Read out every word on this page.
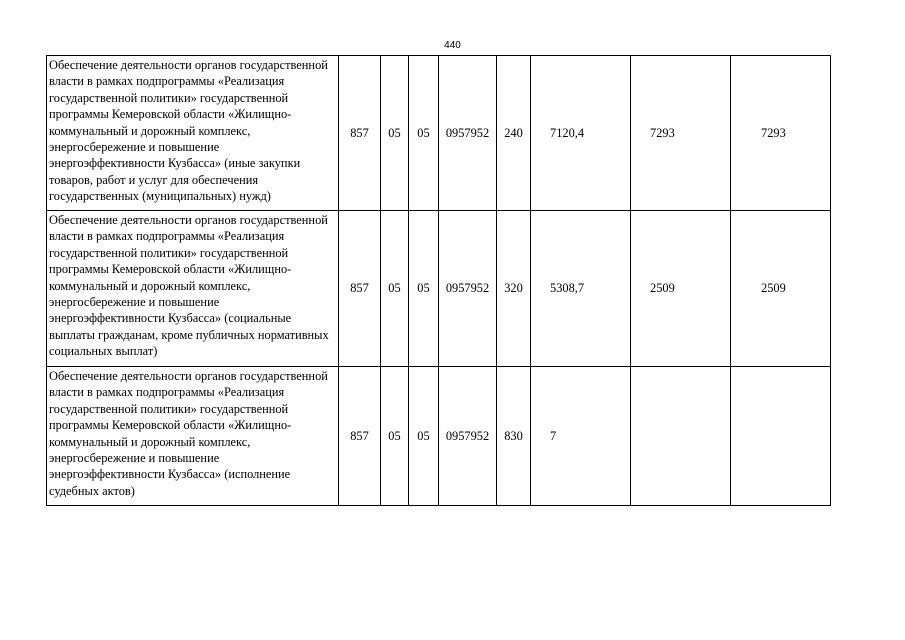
440
Обеспечение деятельности органов государственной власти в рамках подпрограммы «Реализация государственной политики» государственной программы Кемеровской области «Жилищно-коммунальный и дорожный комплекс, энергосбережение и повышение энергоэффективности Кузбасса» (иные закупки товаров, работ и услуг для обеспечения государственных (муниципальных) нужд)	857	05	05	0957952	240	7120,4	7293	7293
Обеспечение деятельности органов государственной власти в рамках подпрограммы «Реализация государственной политики» государственной программы Кемеровской области «Жилищно-коммунальный и дорожный комплекс, энергосбережение и повышение энергоэффективности Кузбасса» (социальные выплаты гражданам, кроме публичных нормативных социальных выплат)	857	05	05	0957952	320	5308,7	2509	2509
Обеспечение деятельности органов государственной власти в рамках подпрограммы «Реализация государственной политики» государственной программы Кемеровской области «Жилищно-коммунальный и дорожный комплекс, энергосбережение и повышение энергоэффективности Кузбасса» (исполнение судебных актов)	857	05	05	0957952	830	7		
